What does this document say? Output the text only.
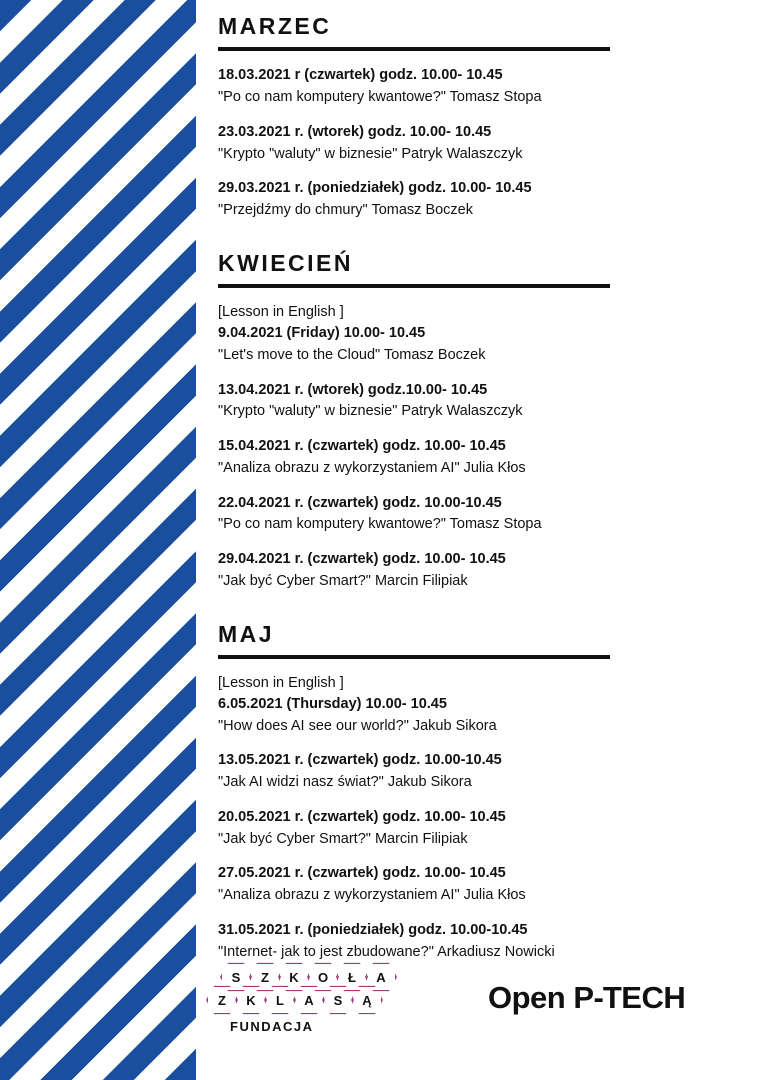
MARZEC
18.03.2021 r (czwartek) godz. 10.00- 10.45
"Po co nam komputery kwantowe?" Tomasz Stopa
23.03.2021 r. (wtorek) godz. 10.00- 10.45
"Krypto "waluty" w biznesie" Patryk Walaszczyk
29.03.2021 r. (poniedziałek) godz. 10.00- 10.45
"Przejdźmy do chmury" Tomasz Boczek
KWIECIEŃ
[Lesson in English ]
9.04.2021 (Friday) 10.00- 10.45
"Let's move to the Cloud" Tomasz Boczek
13.04.2021 r. (wtorek) godz.10.00- 10.45
"Krypto "waluty" w biznesie" Patryk Walaszczyk
15.04.2021 r. (czwartek) godz. 10.00- 10.45
"Analiza obrazu z wykorzystaniem AI" Julia Kłos
22.04.2021 r. (czwartek) godz. 10.00-10.45
"Po co nam komputery kwantowe?" Tomasz Stopa
29.04.2021 r. (czwartek) godz. 10.00- 10.45
"Jak być Cyber Smart?" Marcin Filipiak
MAJ
[Lesson in English ]
6.05.2021 (Thursday) 10.00- 10.45
"How does AI see our world?" Jakub Sikora
13.05.2021 r. (czwartek) godz. 10.00-10.45
"Jak AI widzi nasz świat?" Jakub Sikora
20.05.2021 r. (czwartek) godz. 10.00- 10.45
"Jak być Cyber Smart?" Marcin Filipiak
27.05.2021 r. (czwartek) godz. 10.00- 10.45
"Analiza obrazu z wykorzystaniem AI" Julia Kłos
31.05.2021 r. (poniedziałek) godz. 10.00-10.45
"Internet- jak to jest zbudowane?" Arkadiusz Nowicki
S Z K O Ł A
Z K L A S Ą
FUNDACJA
Open P-TECH
